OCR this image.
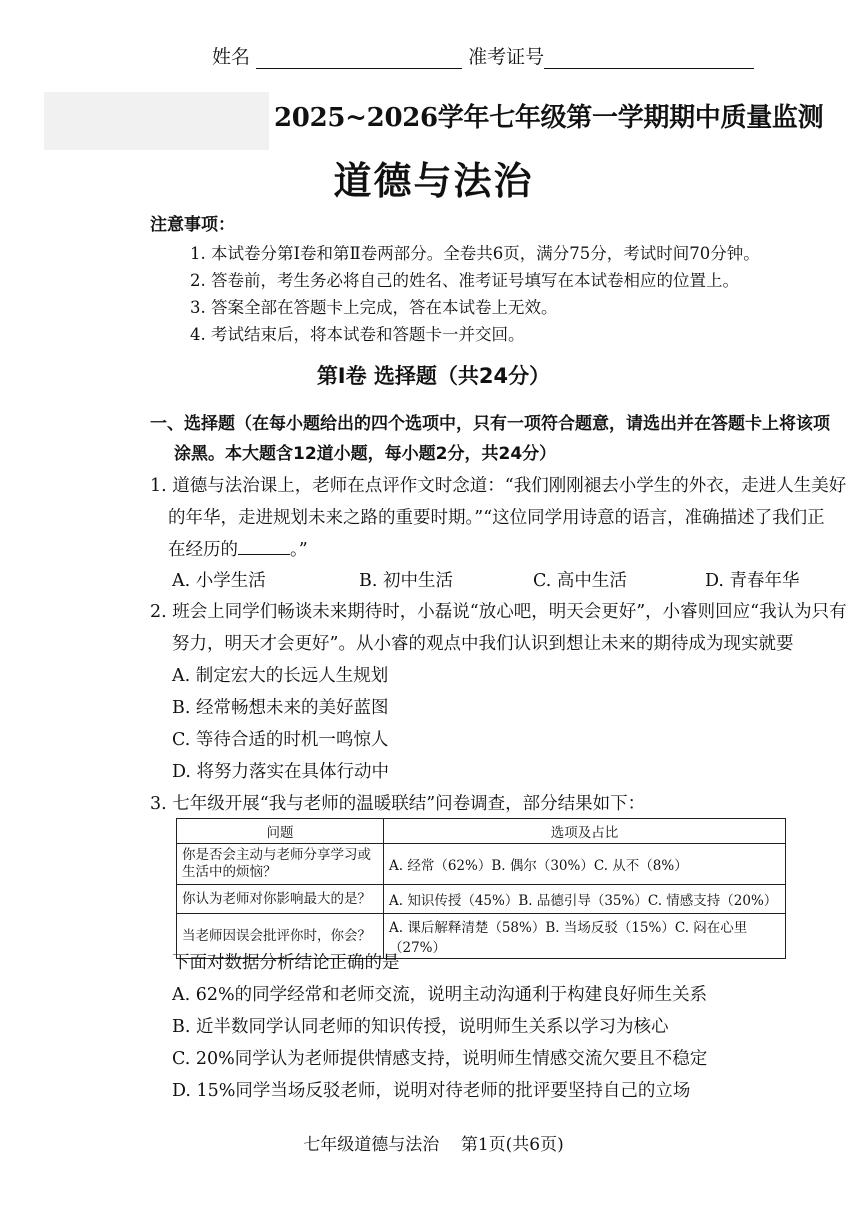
姓名	准考证号
2025~2026学年七年级第一学期期中质量监测
道德与法治
注意事项：
1. 本试卷分第Ⅰ卷和第Ⅱ卷两部分。全卷共6页，满分75分，考试时间70分钟。
2. 答卷前，考生务必将自己的姓名、准考证号填写在本试卷相应的位置上。
3. 答案全部在答题卡上完成，答在本试卷上无效。
4. 考试结束后，将本试卷和答题卡一并交回。
第Ⅰ卷 选择题（共24分）
一、选择题（在每小题给出的四个选项中，只有一项符合题意，请选出并在答题卡上将该项
涂黑。本大题含12道小题，每小题2分，共24分）
1. 道德与法治课上，老师在点评作文时念道：“我们刚刚褪去小学生的外衣，走进人生美好
的年华，走进规划未来之路的重要时期。”“这位同学用诗意的语言，准确描述了我们正
在经历的	。”
A. 小学生活	B. 初中生活	C. 高中生活	D. 青春年华
2. 班会上同学们畅谈未来期待时，小磊说“放心吧，明天会更好”，小睿则回应“我认为只有
努力，明天才会更好”。从小睿的观点中我们认识到想让未来的期待成为现实就要
A. 制定宏大的长远人生规划
B. 经常畅想未来的美好蓝图
C. 等待合适的时机一鸣惊人
D. 将努力落实在具体行动中
3. 七年级开展“我与老师的温暖联结”问卷调查，部分结果如下：
问题	选项及占比
你是否会主动与老师分享学习或生活中的烦恼？	A. 经常（62%）B. 偶尔（30%）C. 从不（8%）
你认为老师对你影响最大的是？	A. 知识传授（45%）B. 品德引导（35%）C. 情感支持（20%）
当老师因误会批评你时，你会？	A. 课后解释清楚（58%）B. 当场反驳（15%）C. 闷在心里（27%）
下面对数据分析结论正确的是
A. 62%的同学经常和老师交流，说明主动沟通利于构建良好师生关系
B. 近半数同学认同老师的知识传授，说明师生关系以学习为核心
C. 20%同学认为老师提供情感支持，说明师生情感交流欠要且不稳定
D. 15%同学当场反驳老师，说明对待老师的批评要坚持自己的立场
七年级道德与法治    第1页(共6页)
